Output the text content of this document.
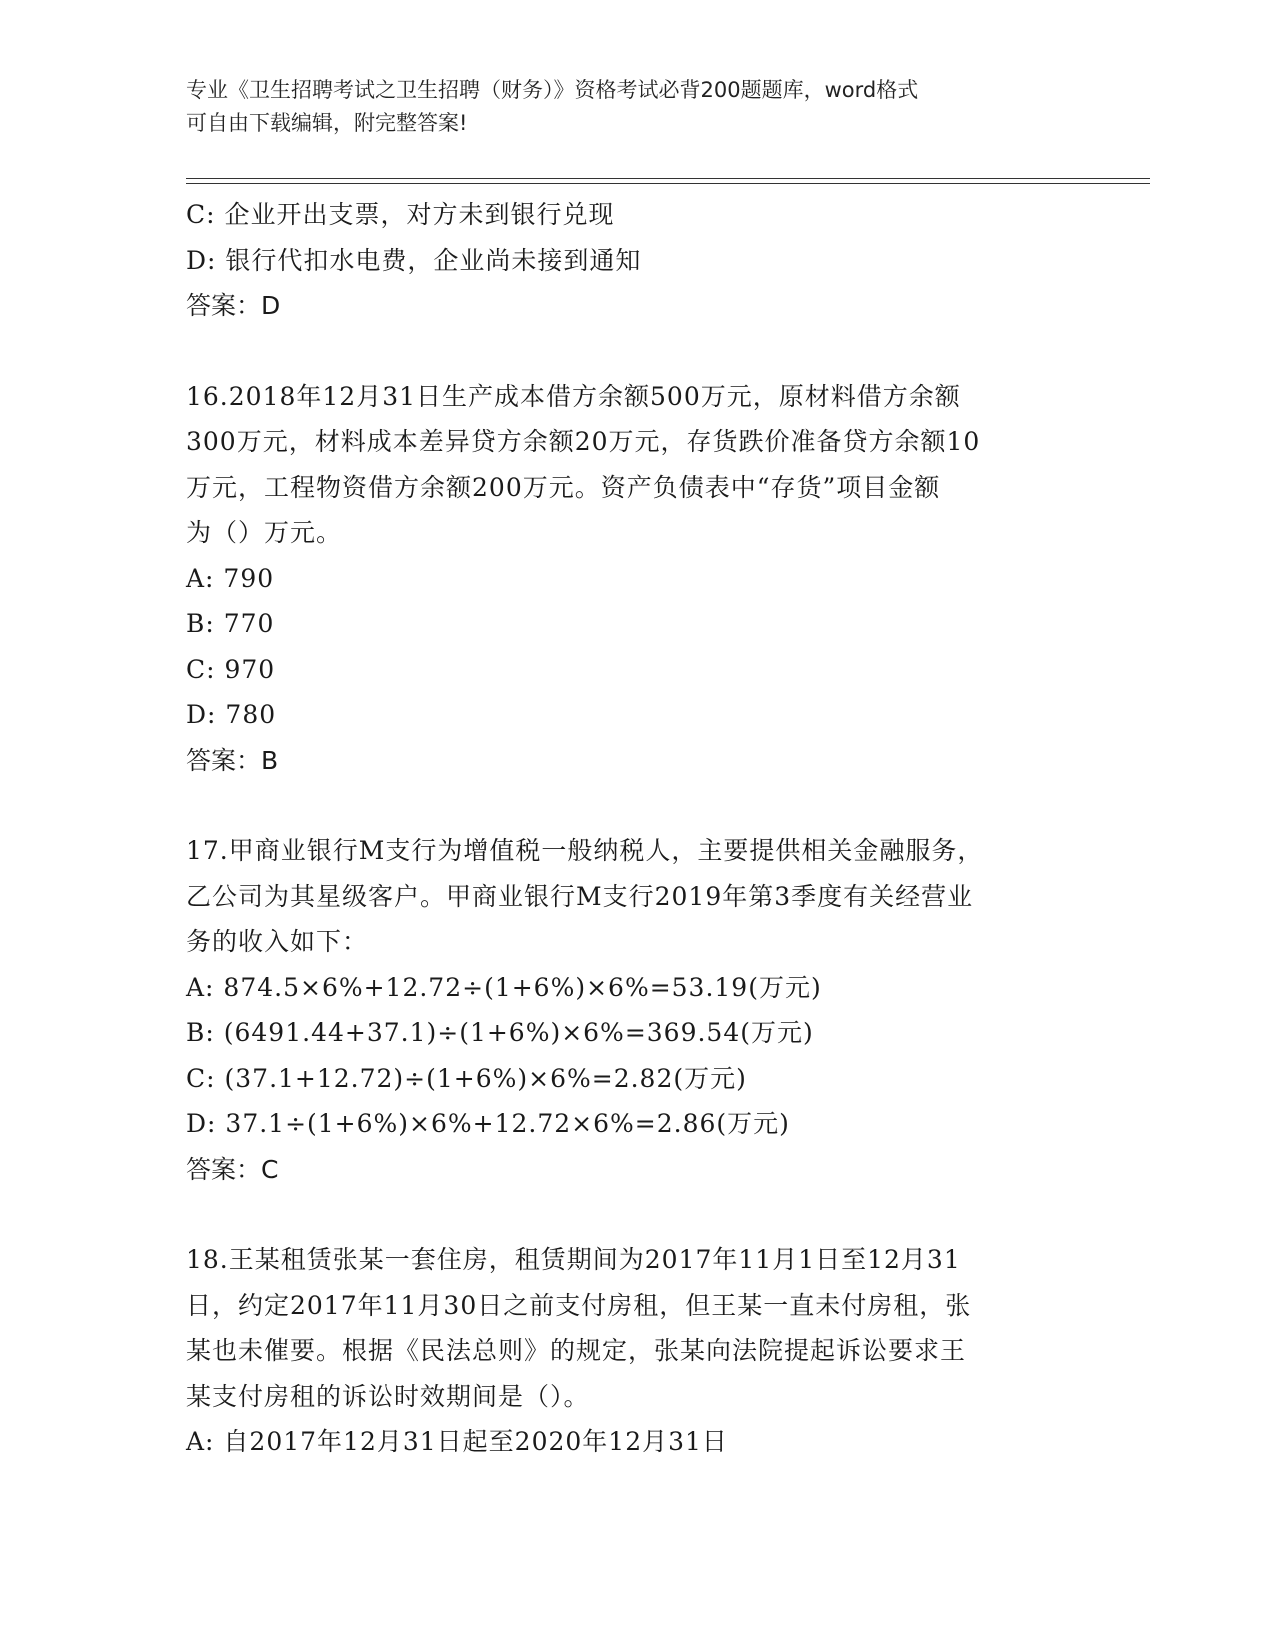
专业《卫生招聘考试之卫生招聘（财务）》资格考试必背200题题库，word格式
可自由下载编辑，附完整答案!
C: 企业开出支票，对方未到银行兑现
D: 银行代扣水电费，企业尚未接到通知
答案：D
16.2018年12月31日生产成本借方余额500万元，原材料借方余额
300万元，材料成本差异贷方余额20万元，存货跌价准备贷方余额10
万元，工程物资借方余额200万元。资产负债表中“存货”项目金额
为（）万元。
A: 790
B: 770
C: 970
D: 780
答案：B
17.甲商业银行M支行为增值税一般纳税人，主要提供相关金融服务，
乙公司为其星级客户。甲商业银行M支行2019年第3季度有关经营业
务的收入如下：
A: 874.5×6%+12.72÷(1+6%)×6%=53.19(万元)
B: (6491.44+37.1)÷(1+6%)×6%=369.54(万元)
C: (37.1+12.72)÷(1+6%)×6%=2.82(万元)
D: 37.1÷(1+6%)×6%+12.72×6%=2.86(万元)
答案：C
18.王某租赁张某一套住房，租赁期间为2017年11月1日至12月31
日，约定2017年11月30日之前支付房租，但王某一直未付房租，张
某也未催要。根据《民法总则》的规定，张某向法院提起诉讼要求王
某支付房租的诉讼时效期间是（）。
A: 自2017年12月31日起至2020年12月31日
